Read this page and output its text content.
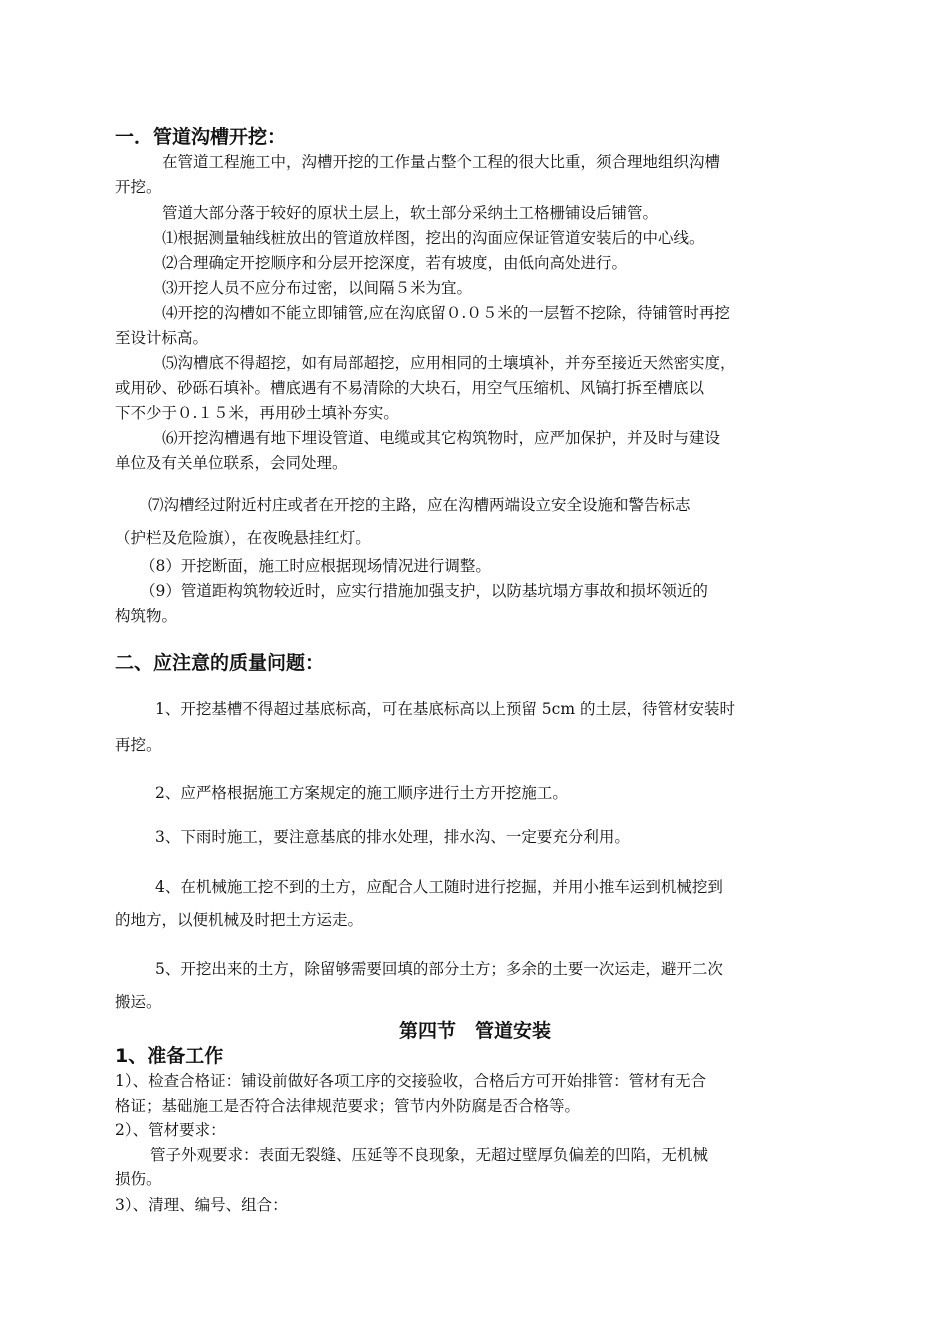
一．管道沟槽开挖：
在管道工程施工中，沟槽开挖的工作量占整个工程的很大比重，须合理地组织沟槽
开挖。
管道大部分落于较好的原状土层上，软土部分采纳土工格栅铺设后铺管。
⑴根据测量轴线桩放出的管道放样图，挖出的沟面应保证管道安装后的中心线。
⑵合理确定开挖顺序和分层开挖深度，若有坡度，由低向高处进行。
⑶开挖人员不应分布过密，以间隔５米为宜。
⑷开挖的沟槽如不能立即铺管,应在沟底留０.０５米的一层暂不挖除，待铺管时再挖
至设计标高。
⑸沟槽底不得超挖，如有局部超挖，应用相同的土壤填补，并夯至接近天然密实度，
或用砂、砂砾石填补。槽底遇有不易清除的大块石，用空气压缩机、风镐打拆至槽底以
下不少于０.１５米，再用砂土填补夯实。
⑹开挖沟槽遇有地下埋设管道、电缆或其它构筑物时，应严加保护，并及时与建设
单位及有关单位联系，会同处理。
⑺沟槽经过附近村庄或者在开挖的主路，应在沟槽两端设立安全设施和警告标志
（护栏及危险旗），在夜晚悬挂红灯。
（8）开挖断面，施工时应根据现场情况进行调整。
（9）管道距构筑物较近时，应实行措施加强支护，以防基坑塌方事故和损坏领近的
构筑物。
二、应注意的质量问题：
1、开挖基槽不得超过基底标高，可在基底标高以上预留 5cm 的土层，待管材安装时
再挖。
2、应严格根据施工方案规定的施工顺序进行土方开挖施工。
3、下雨时施工，要注意基底的排水处理，排水沟、一定要充分利用。
4、在机械施工挖不到的土方，应配合人工随时进行挖掘，并用小推车运到机械挖到
的地方，以便机械及时把土方运走。
5、开挖出来的土方，除留够需要回填的部分土方；多余的土要一次运走，避开二次
搬运。
第四节　管道安装
1、准备工作
1）、检查合格证：铺设前做好各项工序的交接验收，合格后方可开始排管：管材有无合
格证；基础施工是否符合法律规范要求；管节内外防腐是否合格等。
2）、管材要求：
管子外观要求：表面无裂缝、压延等不良现象，无超过壁厚负偏差的凹陷，无机械
损伤。
3）、清理、编号、组合：
